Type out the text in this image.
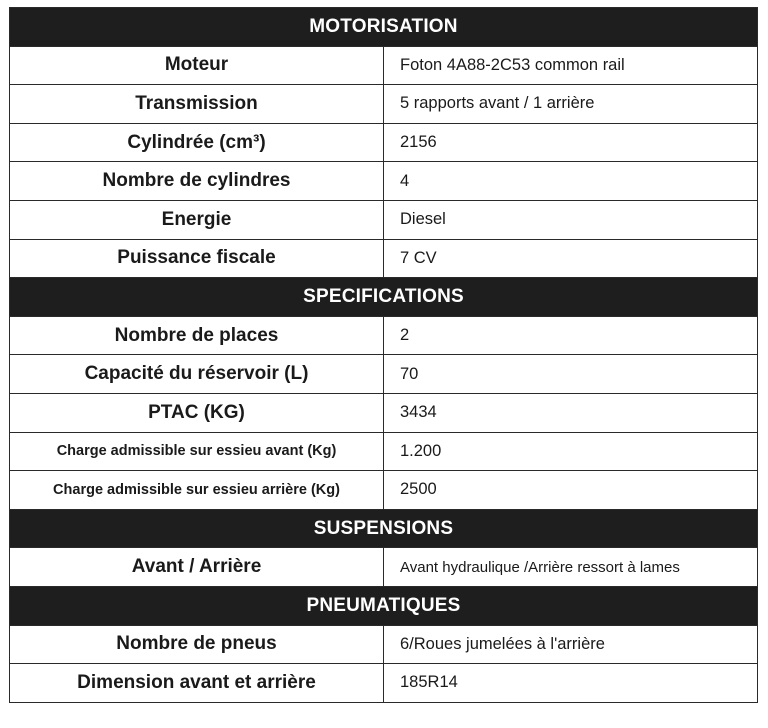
MOTORISATION	
Moteur	Foton 4A88-2C53 common rail
Transmission	5 rapports avant / 1 arrière
Cylindrée (cm³)	2156
Nombre de cylindres	4
Energie	Diesel
Puissance fiscale	7 CV
SPECIFICATIONS	
Nombre de places	2
Capacité du réservoir (L)	70
PTAC (KG)	3434
Charge admissible sur essieu avant (Kg)	1.200
Charge admissible sur essieu arrière (Kg)	2500
SUSPENSIONS	
Avant / Arrière	Avant hydraulique /Arrière ressort à lames
PNEUMATIQUES	
Nombre de pneus	6/Roues jumelées à l'arrière
Dimension avant et arrière	185R14
